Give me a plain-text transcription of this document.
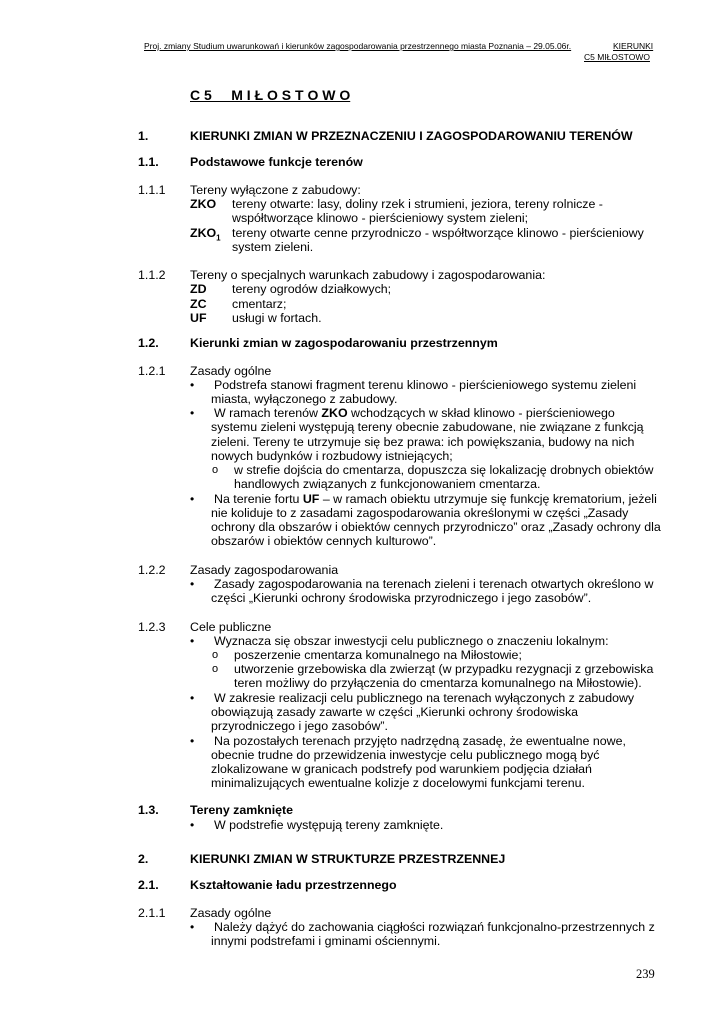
Proj. zmiany Studium uwarunkowań i kierunków zagospodarowania przestrzennego miasta Poznania – 29.05.06r.	KIERUNKI
C5 MIŁOSTOWO
C 5     M I Ł O S T O W O
1.	KIERUNKI ZMIAN W PRZEZNACZENIU I ZAGOSPODAROWANIU TERENÓW
1.1.	Podstawowe funkcje terenów
1.1.1 Tereny wyłączone z zabudowy:
ZKO tereny otwarte: lasy, doliny rzek i strumieni, jeziora, tereny rolnicze -
współtworzące klinowo - pierścieniowy system zieleni;
$ZKO_1$ tereny otwarte cenne przyrodniczo - współtworzące klinowo - pierścieniowy
system zieleni.
1.1.2 Tereny o specjalnych warunkach zabudowy i zagospodarowania:
ZD tereny ogrodów działkowych;
ZC cmentarz;
UF usługi w fortach.
1.2.	Kierunki zmian w zagospodarowaniu przestrzennym
1.2.1 Zasady ogólne
• Podstrefa stanowi fragment terenu klinowo - pierścieniowego systemu zieleni
miasta, wyłączonego z zabudowy.
• W ramach terenów ZKO wchodzących w skład klinowo - pierścieniowego
systemu zieleni występują tereny obecnie zabudowane, nie związane z funkcją
zieleni. Tereny te utrzymuje się bez prawa: ich powiększania, budowy na nich
nowych budynków i rozbudowy istniejących;
o w strefie dojścia do cmentarza, dopuszcza się lokalizację drobnych obiektów
handlowych związanych z funkcjonowaniem cmentarza.
• Na terenie fortu UF – w ramach obiektu utrzymuje się funkcję krematorium, jeżeli
nie koliduje to z zasadami zagospodarowania określonymi w części „Zasady
ochrony dla obszarów i obiektów cennych przyrodniczo” oraz „Zasady ochrony dla
obszarów i obiektów cennych kulturowo”.
1.2.2 Zasady zagospodarowania
• Zasady zagospodarowania na terenach zieleni i terenach otwartych określono w
części „Kierunki ochrony środowiska przyrodniczego i jego zasobów”.
1.2.3 Cele publiczne
• Wyznacza się obszar inwestycji celu publicznego o znaczeniu lokalnym:
o poszerzenie cmentarza komunalnego na Miłostowie;
o utworzenie grzebowiska dla zwierząt (w przypadku rezygnacji z grzebowiska
teren możliwy do przyłączenia do cmentarza komunalnego na Miłostowie).
• W zakresie realizacji celu publicznego na terenach wyłączonych z zabudowy
obowiązują zasady zawarte w części „Kierunki ochrony środowiska
przyrodniczego i jego zasobów”.
• Na pozostałych terenach przyjęto nadrzędną zasadę, że ewentualne nowe,
obecnie trudne do przewidzenia inwestycje celu publicznego mogą być
zlokalizowane w granicach podstrefy pod warunkiem podjęcia działań
minimalizujących ewentualne kolizje z docelowymi funkcjami terenu.
1.3.	Tereny zamknięte
• W podstrefie występują tereny zamknięte.
2.	KIERUNKI ZMIAN W STRUKTURZE PRZESTRZENNEJ
2.1.	Kształtowanie ładu przestrzennego
2.1.1 Zasady ogólne
• Należy dążyć do zachowania ciągłości rozwiązań funkcjonalno-przestrzennych z
innymi podstrefami i gminami ościennymi.
239
